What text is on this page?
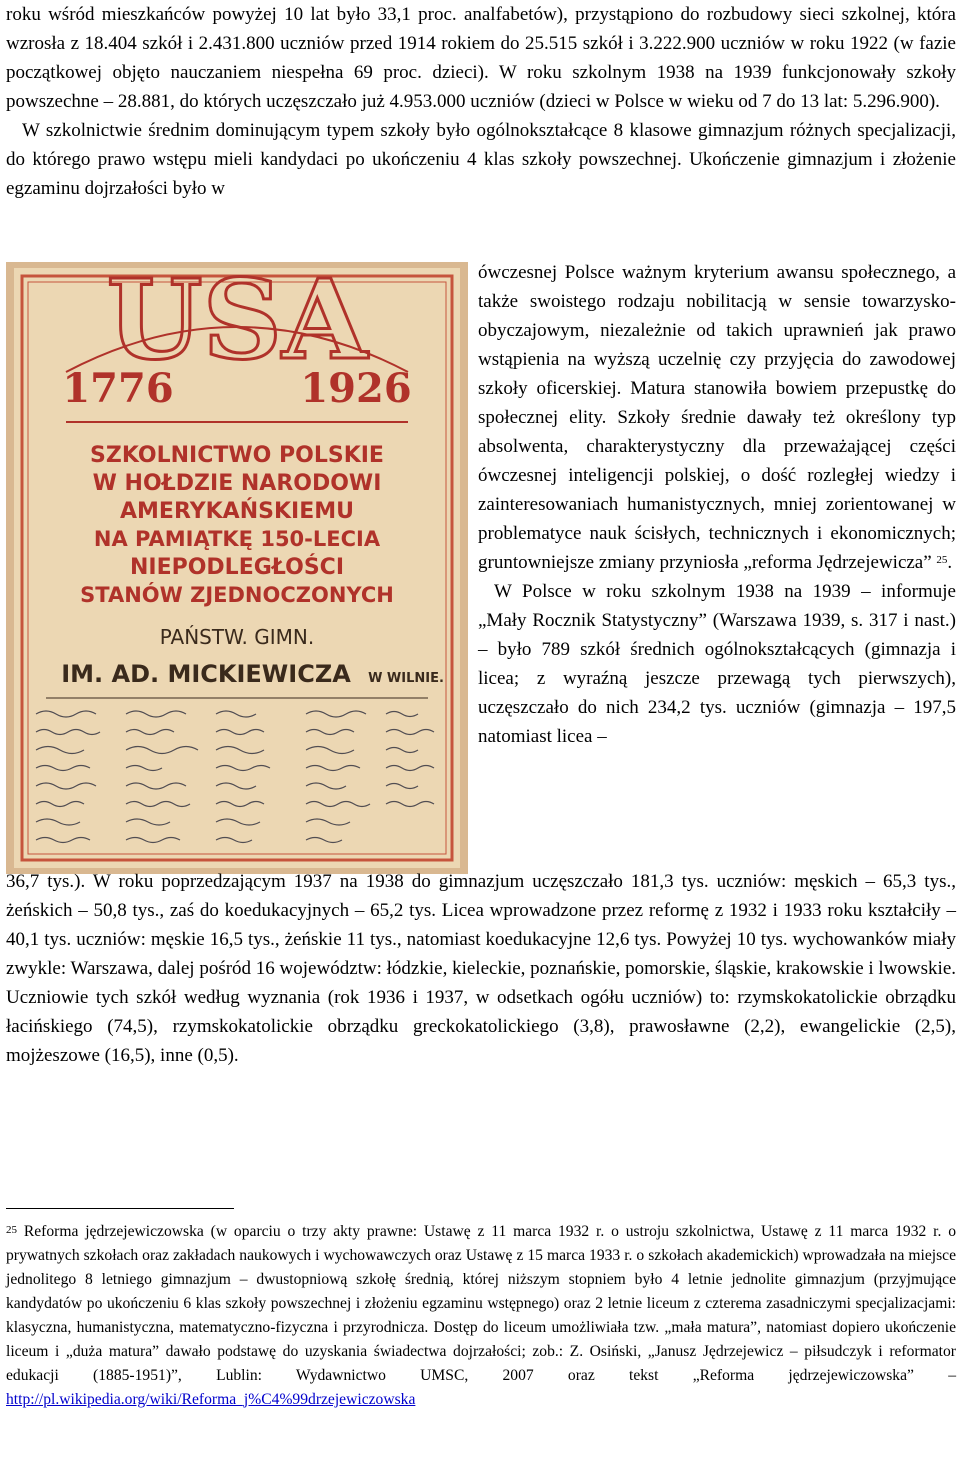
roku wśród mieszkańców powyżej 10 lat było 33,1 proc. analfabetów), przystąpiono do rozbudowy sieci szkolnej, która wzrosła z 18.404 szkół i 2.431.800 uczniów przed 1914 rokiem do 25.515 szkół i 3.222.900 uczniów w roku 1922 (w fazie początkowej objęto nauczaniem niespełna 69 proc. dzieci). W roku szkolnym 1938 na 1939 funkcjonowały szkoły powszechne – 28.881, do których uczęszczało już 4.953.000 uczniów (dzieci w Polsce w wieku od 7 do 13 lat: 5.296.900).

W szkolnictwie średnim dominującym typem szkoły było ogólnokształcące 8 klasowe gimnazjum różnych specjalizacji, do którego prawo wstępu mieli kandydaci po ukończeniu 4 klas szkoły powszechnej. Ukończenie gimnazjum i złożenie egzaminu dojrzałości było w

USA
1776	1926
SZKOLNICTWO POLSKIE
W HOŁDZIE NARODOWI
AMERYKAŃSKIEMU
NA PAMIĄTKĘ 150-LECIA
NIEPODLEGŁOŚCI
STANÓW ZJEDNOCZONYCH
PAŃSTW. GIMN.
IM. AD. MICKIEWICZA W WILNIE.

ówczesnej Polsce ważnym kryterium awansu społecznego, a także swoistego rodzaju nobilitacją w sensie towarzysko-obyczajowym, niezależnie od takich uprawnień jak prawo wstąpienia na wyższą uczelnię czy przyjęcia do zawodowej szkoły oficerskiej. Matura stanowiła bowiem przepustkę do społecznej elity. Szkoły średnie dawały też określony typ absolwenta, charakterystyczny dla przeważającej części ówczesnej inteligencji polskiej, o dość rozległej wiedzy i zainteresowaniach humanistycznych, mniej zorientowanej w problematyce nauk ścisłych, technicznych i ekonomicznych; gruntowniejsze zmiany przyniosła „reforma Jędrzejewicza” $^{25}$.

W Polsce w roku szkolnym 1938 na 1939 – informuje „Mały Rocznik Statystyczny” (Warszawa 1939, s. 317 i nast.) – było 789 szkół średnich ogólnokształcących (gimnazja i licea; z wyraźną jeszcze przewagą tych pierwszych), uczęszczało do nich 234,2 tys. uczniów (gimnazja – 197,5 natomiast licea –

36,7 tys.). W roku poprzedzającym 1937 na 1938 do gimnazjum uczęszczało 181,3 tys. uczniów: męskich – 65,3 tys., żeńskich – 50,8 tys., zaś do koedukacyjnych – 65,2 tys. Licea wprowadzone przez reformę z 1932 i 1933 roku kształciły – 40,1 tys. uczniów: męskie 16,5 tys., żeńskie 11 tys., natomiast koedukacyjne 12,6 tys. Powyżej 10 tys. wychowanków miały zwykle: Warszawa, dalej pośród 16 województw: łódzkie, kieleckie, poznańskie, pomorskie, śląskie, krakowskie i lwowskie. Uczniowie tych szkół według wyznania (rok 1936 i 1937, w odsetkach ogółu uczniów) to: rzymskokatolickie obrządku łacińskiego (74,5), rzymskokatolickie obrządku greckokatolickiego (3,8), prawosławne (2,2), ewangelickie (2,5), mojżeszowe (16,5), inne (0,5).

$^{25}$ Reforma jędrzejewiczowska (w oparciu o trzy akty prawne: Ustawę z 11 marca 1932 r. o ustroju szkolnictwa, Ustawę z 11 marca 1932 r. o prywatnych szkołach oraz zakładach naukowych i wychowawczych oraz Ustawę z 15 marca 1933 r. o szkołach akademickich) wprowadzała na miejsce jednolitego 8 letniego gimnazjum – dwustopniową szkołę średnią, której niższym stopniem było 4 letnie jednolite gimnazjum (przyjmujące kandydatów po ukończeniu 6 klas szkoły powszechnej i złożeniu egzaminu wstępnego) oraz 2 letnie liceum z czterema zasadniczymi specjalizacjami: klasyczna, humanistyczna, matematyczno-fizyczna i przyrodnicza. Dostęp do liceum umożliwiała tzw. „mała matura”, natomiast dopiero ukończenie liceum i „duża matura” dawało podstawę do uzyskania świadectwa dojrzałości; zob.: Z. Osiński, „Janusz Jędrzejewicz – piłsudczyk i reformator edukacji (1885-1951)”, Lublin: Wydawnictwo UMSC, 2007 oraz tekst „Reforma jędrzejewiczowska” – http://pl.wikipedia.org/wiki/Reforma_j%C4%99drzejewiczowska
